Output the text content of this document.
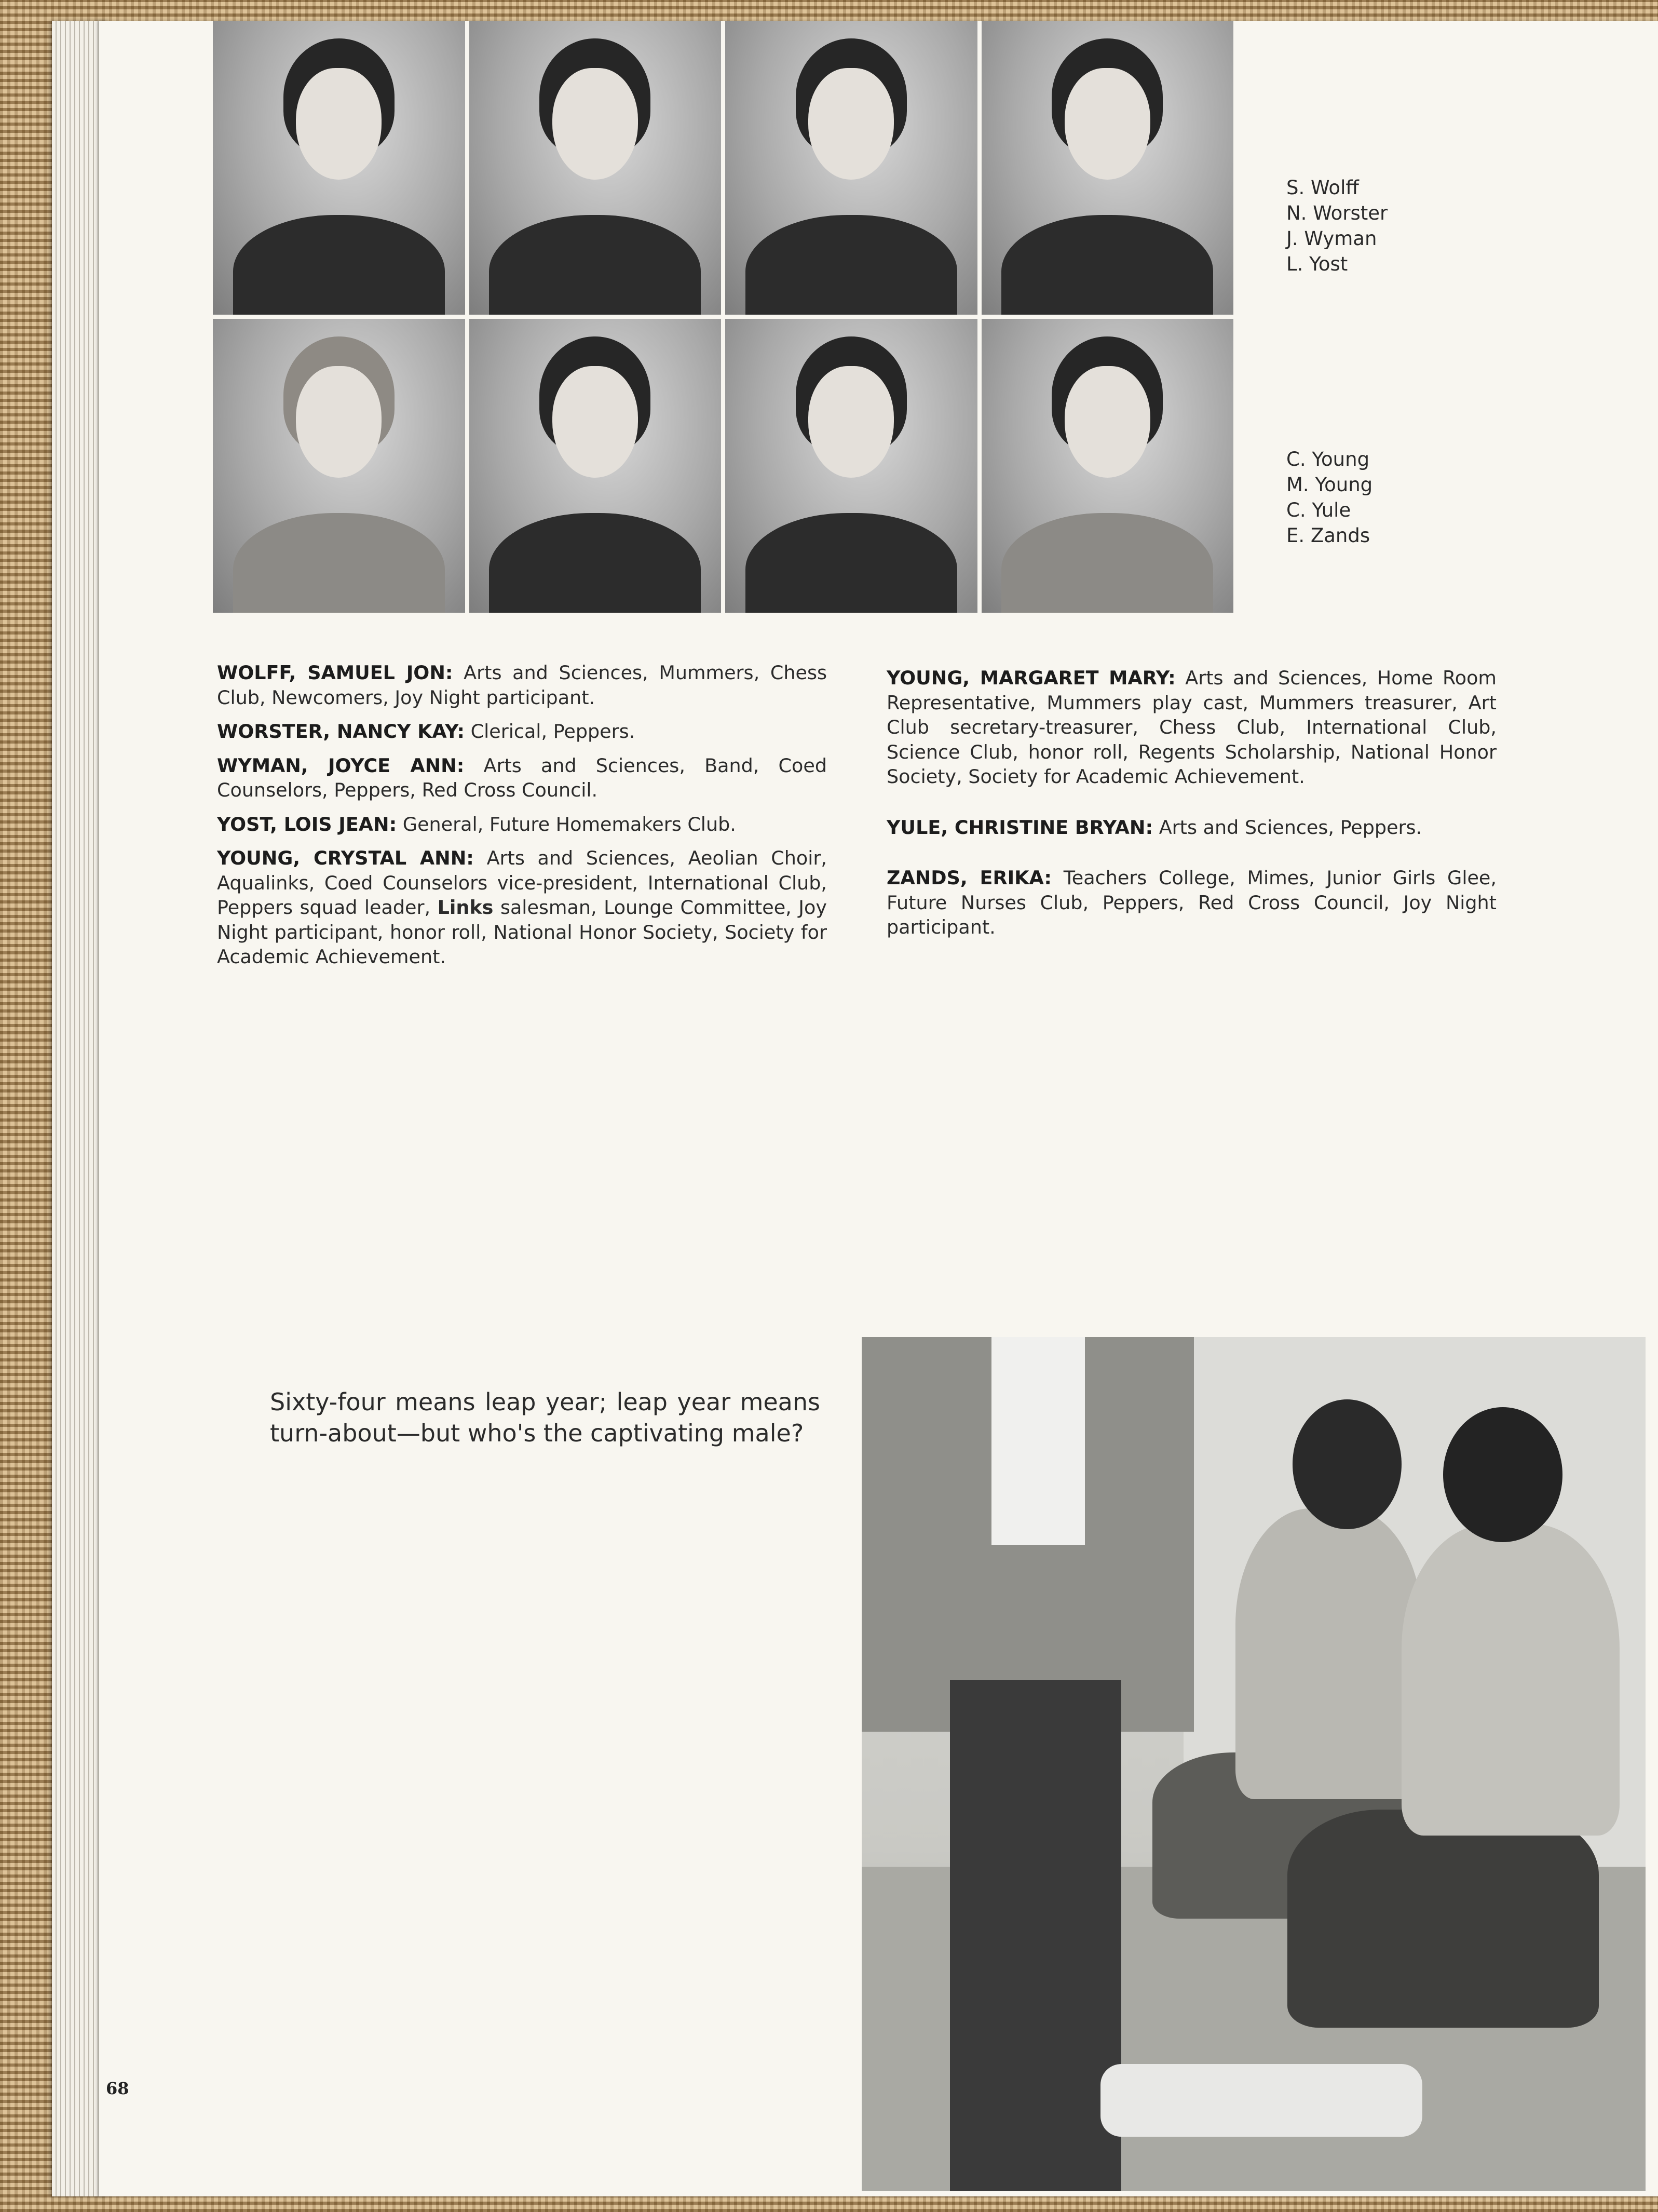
S. Wolff
N. Worster
J. Wyman
L. Yost
C. Young
M. Young
C. Yule
E. Zands

WOLFF, SAMUEL JON: Arts and Sciences, Mummers, Chess Club, Newcomers, Joy Night participant.

WORSTER, NANCY KAY: Clerical, Peppers.

WYMAN, JOYCE ANN: Arts and Sciences, Band, Coed Counselors, Peppers, Red Cross Council.

YOST, LOIS JEAN: General, Future Homemakers Club.

YOUNG, CRYSTAL ANN: Arts and Sciences, Aeolian Choir, Aqualinks, Coed Counselors vice-president, International Club, Peppers squad leader, Links salesman, Lounge Committee, Joy Night participant, honor roll, National Honor Society, Society for Academic Achievement.

YOUNG, MARGARET MARY: Arts and Sciences, Home Room Representative, Mummers play cast, Mummers treasurer, Art Club secretary-treasurer, Chess Club, International Club, Science Club, honor roll, Regents Scholarship, National Honor Society, Society for Academic Achievement.

YULE, CHRISTINE BRYAN: Arts and Sciences, Peppers.

ZANDS, ERIKA: Teachers College, Mimes, Junior Girls Glee, Future Nurses Club, Peppers, Red Cross Council, Joy Night participant.

Sixty-four means leap year; leap year means turn-about—but who's the captivating male?
68
